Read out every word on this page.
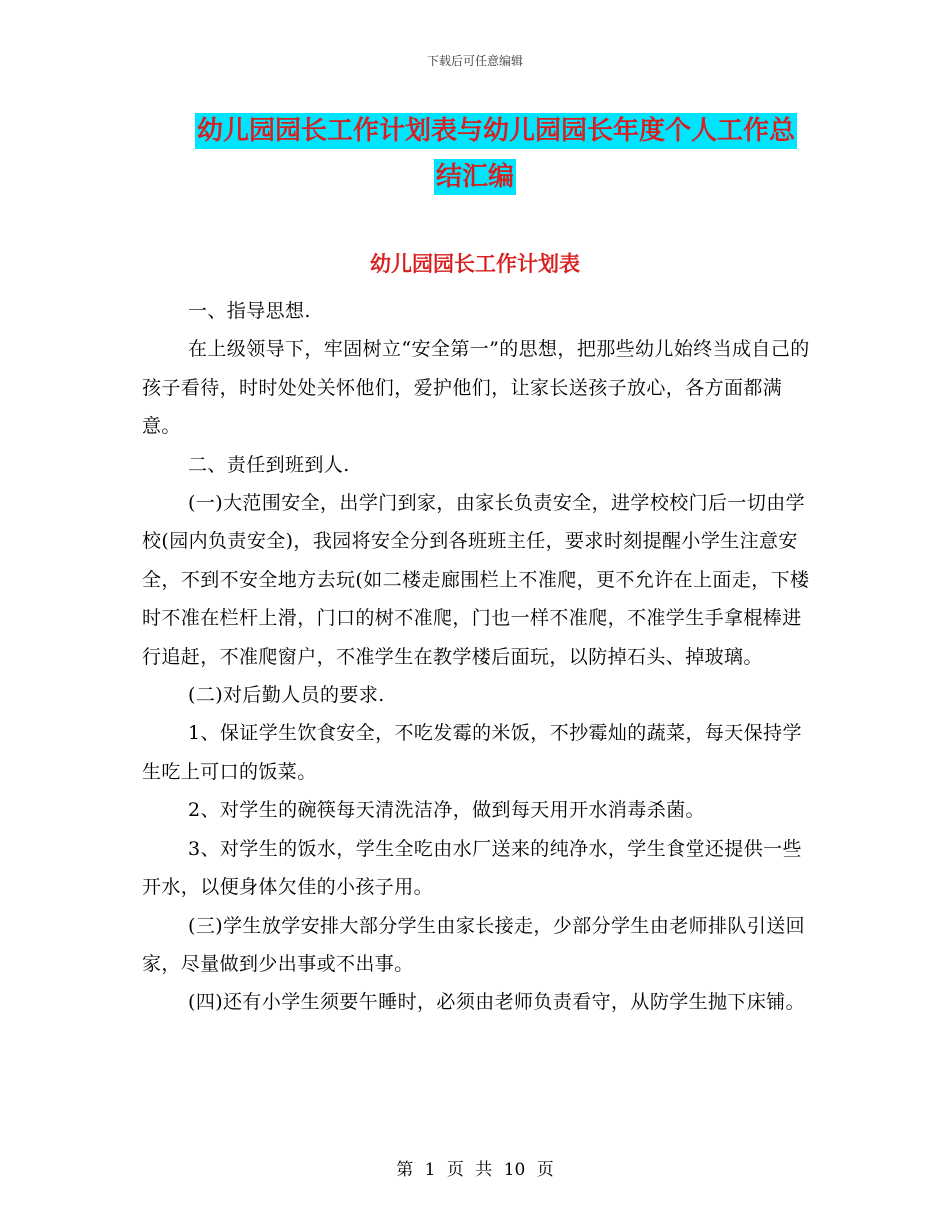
下载后可任意编辑
幼儿园园长工作计划表与幼儿园园长年度个人工作总
结汇编
幼儿园园长工作计划表

一、指导思想.

在上级领导下，牢固树立“安全第一”的思想，把那些幼儿始终当成自己的孩子看待，时时处处关怀他们，爱护他们，让家长送孩子放心，各方面都满意。

二、责任到班到人.

(一)大范围安全，出学门到家，由家长负责安全，进学校校门后一切由学校(园内负责安全)，我园将安全分到各班班主任，要求时刻提醒小学生注意安全，不到不安全地方去玩(如二楼走廊围栏上不准爬，更不允许在上面走，下楼时不准在栏杆上滑，门口的树不准爬，门也一样不准爬，不准学生手拿棍棒进行追赶，不准爬窗户，不准学生在教学楼后面玩，以防掉石头、掉玻璃。

(二)对后勤人员的要求.

1、保证学生饮食安全，不吃发霉的米饭，不抄霉灿的蔬菜，每天保持学生吃上可口的饭菜。

2、对学生的碗筷每天清洗洁净，做到每天用开水消毒杀菌。

3、对学生的饭水，学生全吃由水厂送来的纯净水，学生食堂还提供一些开水，以便身体欠佳的小孩子用。

(三)学生放学安排大部分学生由家长接走，少部分学生由老师排队引送回家，尽量做到少出事或不出事。

(四)还有小学生须要午睡时，必须由老师负责看守，从防学生抛下床铺。

第 1 页 共 10 页
